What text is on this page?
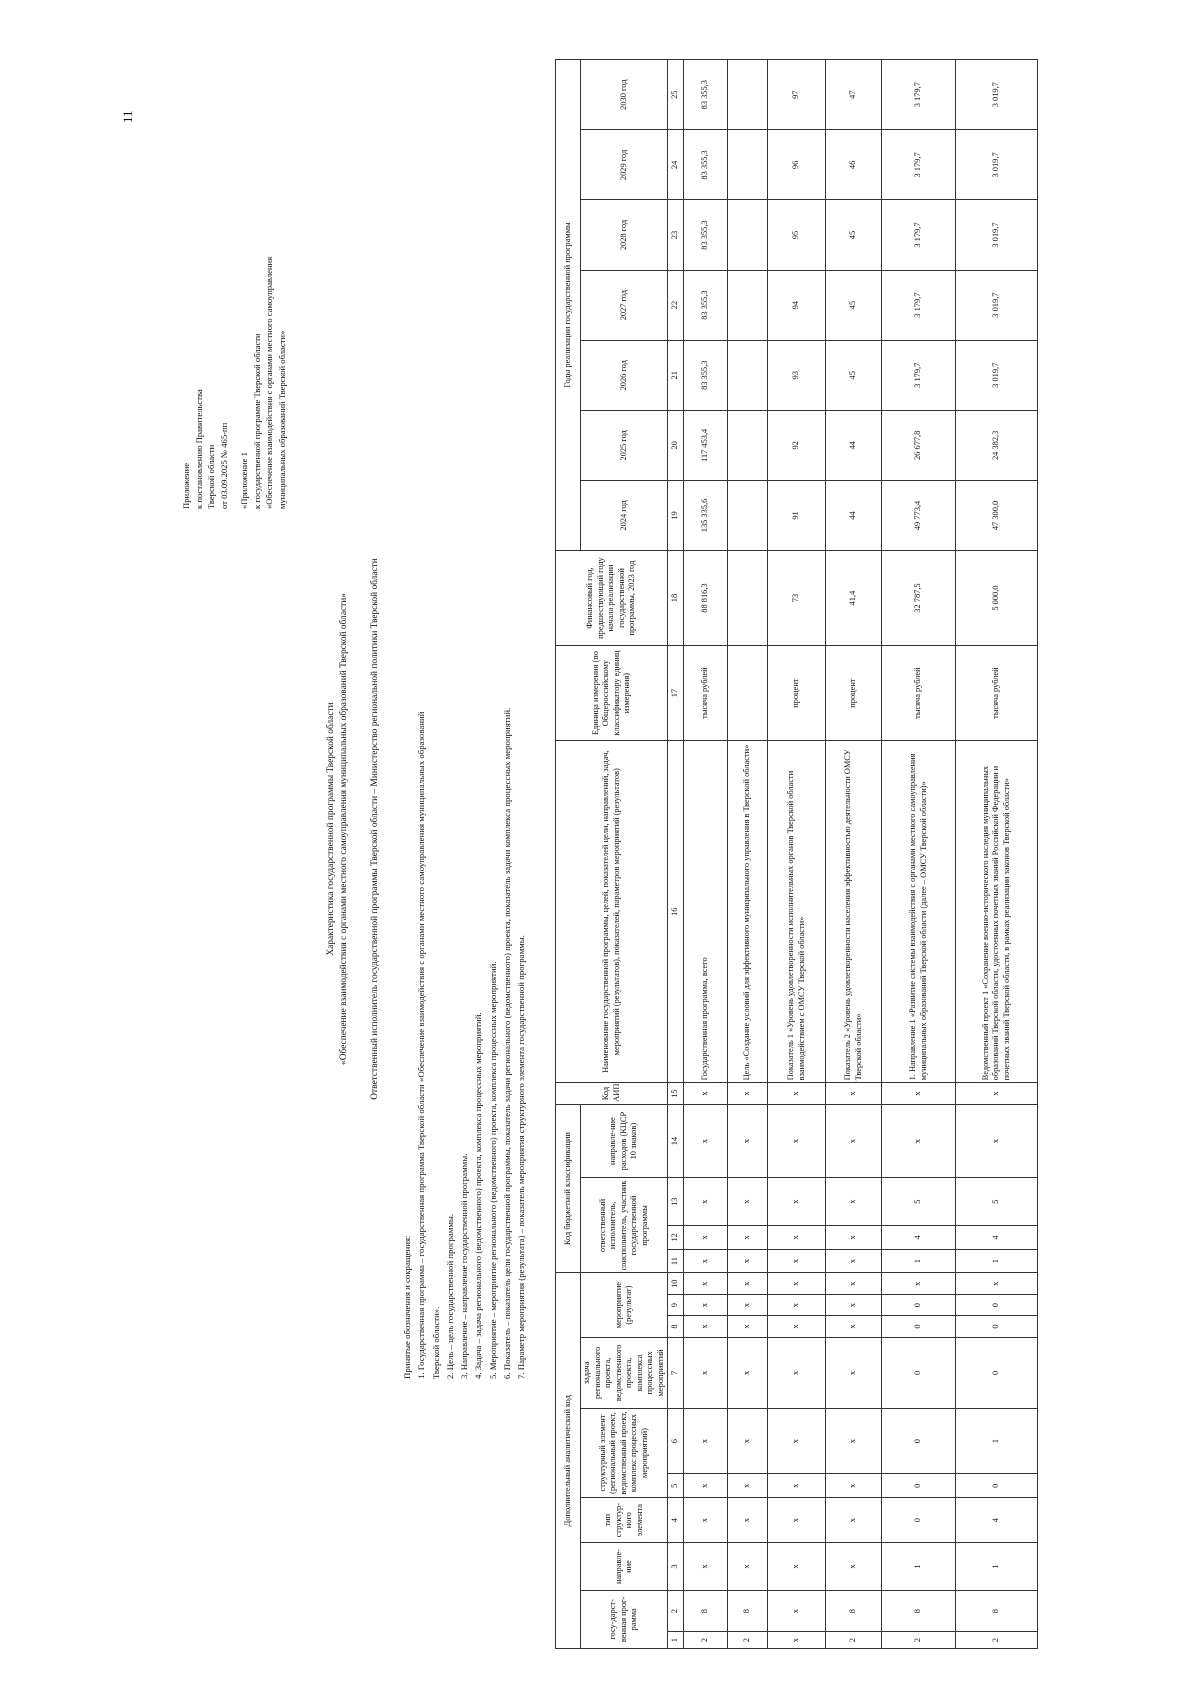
11
Приложение к постановлению Правительства Тверской области от 03.09.2025 № 465-пп «Приложение 1 к государственной программе Тверской области «Обеспечение взаимодействия с органами местного самоуправления муниципальных образований Тверской области»
Характеристика государственной программы Тверской области «Обеспечение взаимодействия с органами местного самоуправления муниципальных образований Тверской области» Ответственный исполнитель государственной программы Тверской области – Министерство региональной политики Тверской области
Принятые обозначения и сокращения: 1. Государственная программа – государственная программа Тверской области «Обеспечение взаимодействия с органами местного самоуправления муниципальных образований Тверской области». 2. Цель – цель государственной программы. 3. Направление – направление государственной программы. 4. Задача – задача регионального (ведомственного) проекта, комплекса процессных мероприятий. 5. Мероприятие – мероприятие регионального (ведомственного) проекта, комплекса процессных мероприятий. 6. Показатель – показатель цели государственной программы, показатель задачи регионального (ведомственного) проекта, показатель задачи комплекса процессных мероприятий. 7. Параметр мероприятия (результата) – показатель мероприятия структурного элемента государственной программы.
Дополнительный аналитический код										Код бюджетной классификации				Код АИП	Наименование государственной программы, целей, показателей цели, направлений, задач, мероприятий (результатов), показателей, параметров мероприятий (результатов)	Единица измерения (по Общероссийскому классификатору единиц измерения)	Финансовый год, предшествующий году начала реализации государственной программы, 2023 год	Годы реализации государственной программы						
госу-дарст-венная прог-рамма		направле-ние	тип структур-ного элемента	структурный элемент (региональный проект, ведомственный проект, комплекс процессных мероприятий)		задача регионального проекта, ведомственного проекта, комплекса процессных мероприятий	мероприятие (результат)			ответственный исполнитель, соисполнитель, участник государственной программы			направле-ние расходов (КЦСР 10 знаков)											
																		2024 год	2025 год	2026 год	2027 год	2028 год	2029 год	2030 год
1	2	3	4	5	6	7	8	9	10	11	12	13	14	15	16	17	18	19	20	21	22	23	24	25
2	8	х	х	х	х	х	х	х	х	х	х	х	х	х	Государственная программа, всего	тысяча рублей	88 816,3	135 335,6	117 453,4	83 355,3	83 355,3	83 355,3	83 355,3	83 355,3
2	8	х	х	х	х	х	х	х	х	х	х	х	х	х	Цель «Создание условий для эффективного муниципального управления в Тверской области»									
х	х	х	х	х	х	х	х	х	х	х	х	х	х	х	Показатель 1 «Уровень удовлетворенности исполнительных органов Тверской области взаимодействием с ОМСУ Тверской области»	процент	73	91	92	93	94	95	96	97
2	8	х	х	х	х	х	х	х	х	х	х	х	х	х	Показатель 2 «Уровень удовлетворенности населения эффективностью деятельности ОМСУ Тверской области»	процент	41,4	44	44	45	45	45	46	47
2	8	1	0	0	0	0	0	0	х	1	4	5	х	х	1. Направление 1 «Развитие системы взаимодействия с органами местного самоуправления муниципальных образований Тверской области (далее – ОМСУ Тверской области)»	тысяча рублей	32 787,5	49 773,4	26 677,8	3 179,7	3 179,7	3 179,7	3 179,7	3 179,7
2	8	1	4	0	1	0	0	0	х	1	4	5	х	х	Ведомственный проект 1 «Сохранение военно-исторического наследия муниципальных образований Тверской области, удостоенных почетных званий Российской Федерации и почетных званий Тверской области, в рамках реализации законов Тверской области»	тысяча рублей	5 000,0	47 300,0	24 382,3	3 019,7	3 019,7	3 019,7	3 019,7	3 019,7
